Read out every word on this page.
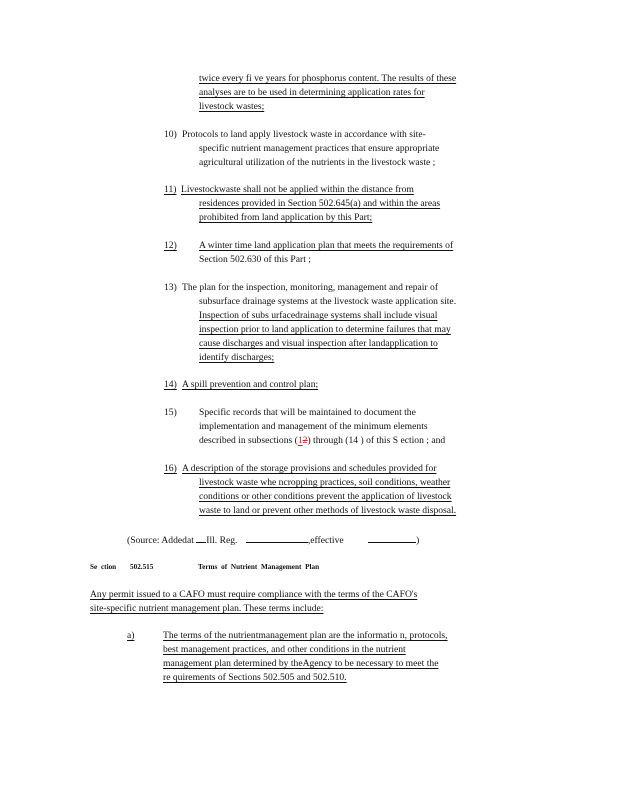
twice every fi ve years for phosphorus content. The results of these
analyses are to be used in determining application rates for
livestock wastes;
10) Protocols to land apply livestock waste in accordance with site-
specific nutrient management practices that ensure appropriate
agricultural utilization of the nutrients in the livestock waste ;
11) Livestockwaste shall not be applied within the distance from
residences provided in Section 502.645(a) and within the areas
prohibited from land application by this Part;
12) A winter time land application plan that meets the requirements of
Section 502.630 of this Part ;
13) The plan for the inspection, monitoring, management and repair of
subsurface drainage systems at the livestock waste application site.
Inspection of subs urfacedrainage systems shall include visual
inspection prior to land application to determine failures that may
cause discharges and visual inspection after landapplication to
identify discharges;
14) A spill prevention and control plan;
15) Specific records that will be maintained to document the
implementation and management of the minimum elements
described in subsections (12) through (14 ) of this S ection ; and
16) A description of the storage provisions and schedules provided for
livestock waste whe ncropping practices, soil conditions, weather
conditions or other conditions prevent the application of livestock
waste to land or prevent other methods of livestock waste disposal.
(Source: Addedat Ill. Reg.	,effective	)
Se ction 502.515	Terms of Nutrient Management Plan
Any permit issued to a CAFO must require compliance with the terms of the CAFO's
site-specific nutrient management plan. These terms include:
a)	The terms of the nutrientmanagement plan are the informatio n, protocols,
best management practices, and other conditions in the nutrient
management plan determined by theAgency to be necessary to meet the
re quirements of Sections 502.505 and 502.510.
